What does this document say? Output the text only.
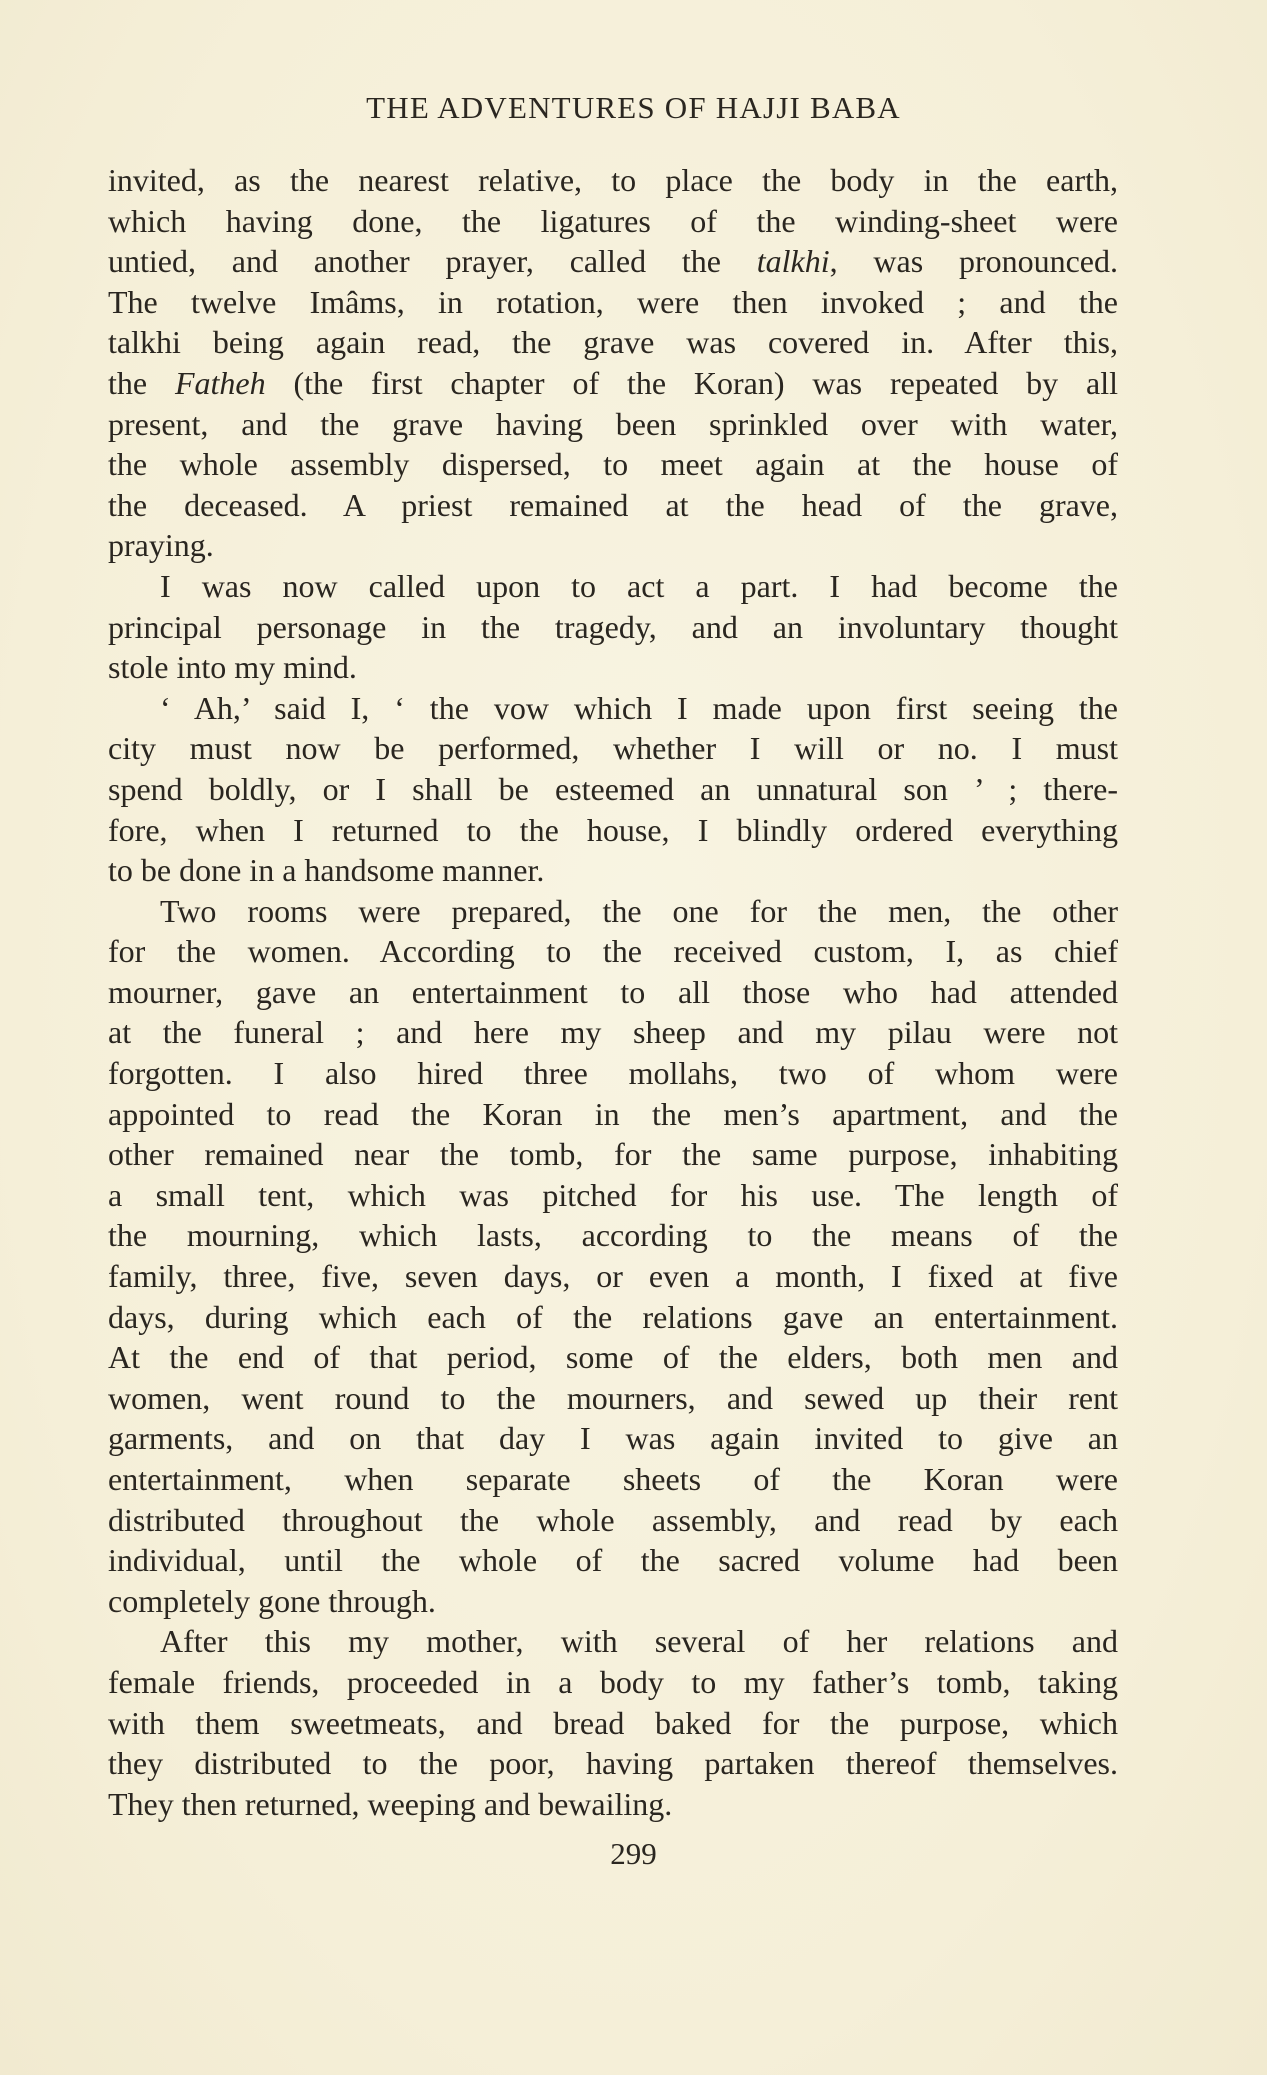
THE ADVENTURES OF HAJJI BABA
invited, as the nearest relative, to place the body in the earth,
which having done, the ligatures of the winding-sheet were
untied, and another prayer, called the talkhi, was pronounced.
The twelve Imâms, in rotation, were then invoked ; and the
talkhi being again read, the grave was covered in. After this,
the Fatheh (the first chapter of the Koran) was repeated by all
present, and the grave having been sprinkled over with water,
the whole assembly dispersed, to meet again at the house of
the deceased. A priest remained at the head of the grave,
praying.
I was now called upon to act a part. I had become the
principal personage in the tragedy, and an involuntary thought
stole into my mind.
‘ Ah,’ said I, ‘ the vow which I made upon first seeing the
city must now be performed, whether I will or no. I must
spend boldly, or I shall be esteemed an unnatural son ’ ; there-
fore, when I returned to the house, I blindly ordered everything
to be done in a handsome manner.
Two rooms were prepared, the one for the men, the other
for the women. According to the received custom, I, as chief
mourner, gave an entertainment to all those who had attended
at the funeral ; and here my sheep and my pilau were not
forgotten. I also hired three mollahs, two of whom were
appointed to read the Koran in the men’s apartment, and the
other remained near the tomb, for the same purpose, inhabiting
a small tent, which was pitched for his use. The length of
the mourning, which lasts, according to the means of the
family, three, five, seven days, or even a month, I fixed at five
days, during which each of the relations gave an entertainment.
At the end of that period, some of the elders, both men and
women, went round to the mourners, and sewed up their rent
garments, and on that day I was again invited to give an
entertainment, when separate sheets of the Koran were
distributed throughout the whole assembly, and read by each
individual, until the whole of the sacred volume had been
completely gone through.
After this my mother, with several of her relations and
female friends, proceeded in a body to my father’s tomb, taking
with them sweetmeats, and bread baked for the purpose, which
they distributed to the poor, having partaken thereof themselves.
They then returned, weeping and bewailing.
299
